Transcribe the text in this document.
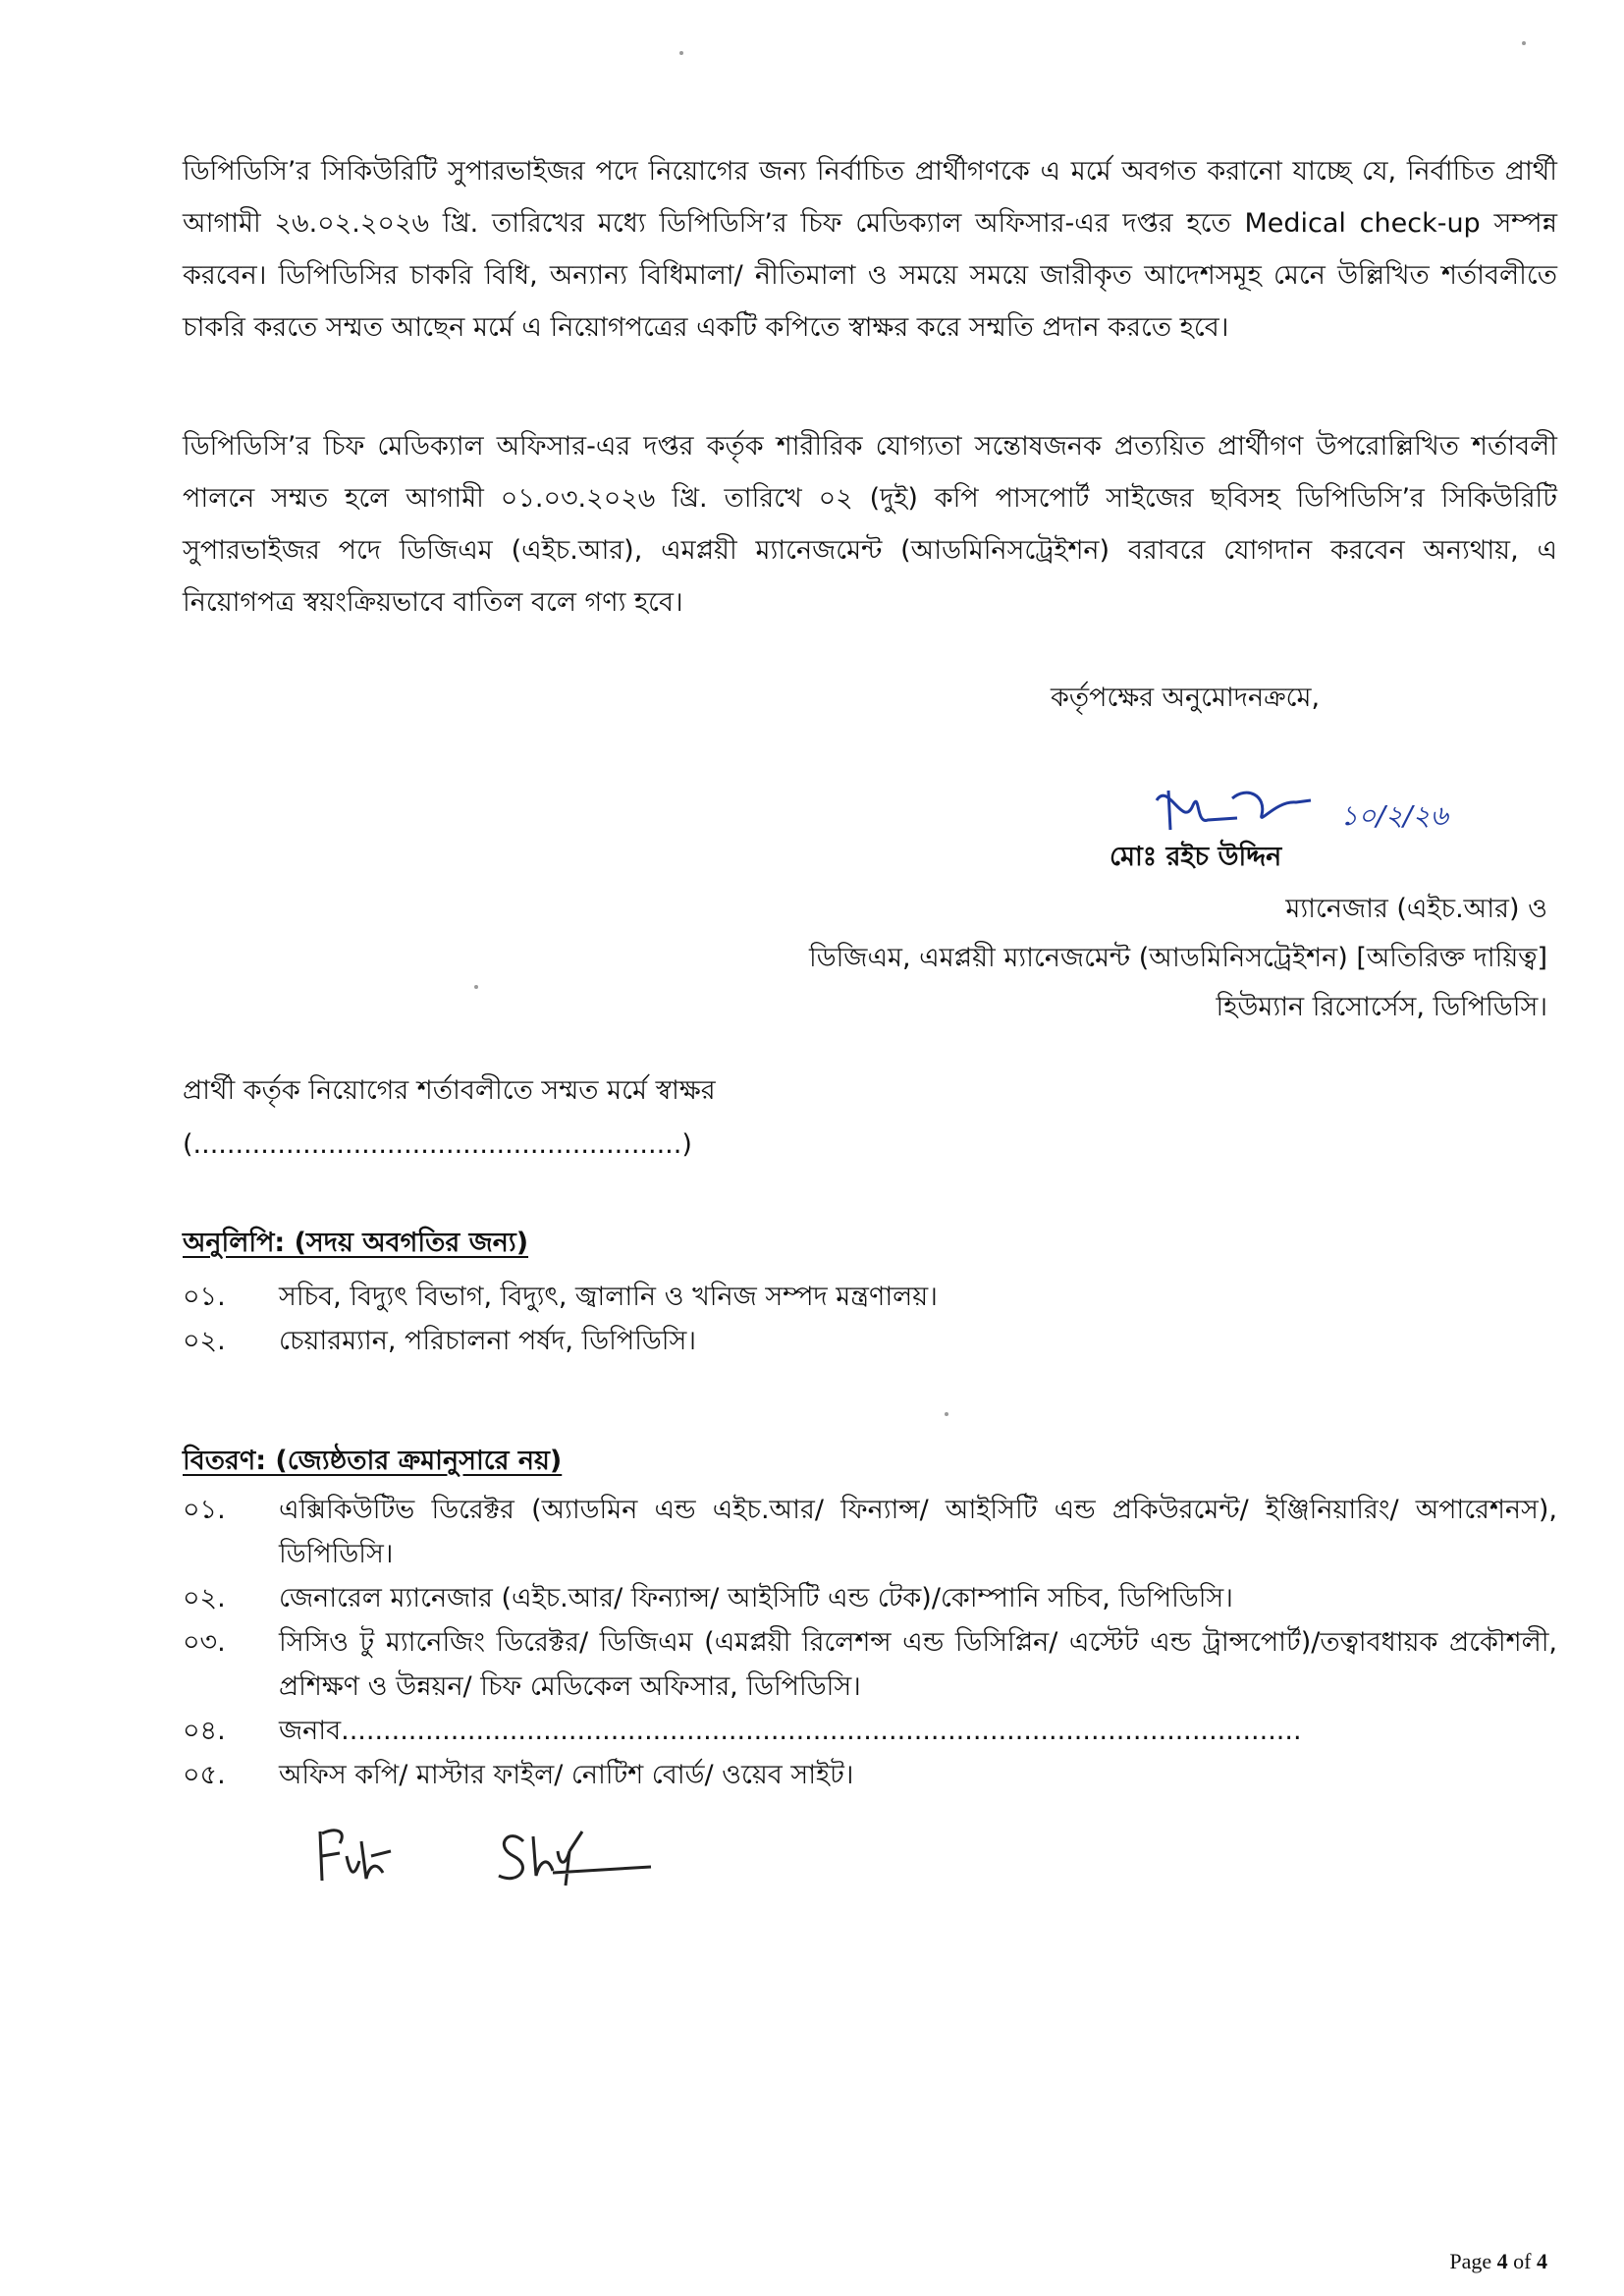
ডিপিডিসি’র সিকিউরিটি সুপারভাইজর পদে নিয়োগের জন্য নির্বাচিত প্রার্থীগণকে এ মর্মে অবগত করানো যাচ্ছে যে, নির্বাচিত প্রার্থী আগামী ২৬.০২.২০২৬ খ্রি. তারিখের মধ্যে ডিপিডিসি’র চিফ মেডিক্যাল অফিসার-এর দপ্তর হতে Medical check-up সম্পন্ন করবেন। ডিপিডিসির চাকরি বিধি, অন্যান্য বিধিমালা/ নীতিমালা ও সময়ে সময়ে জারীকৃত আদেশসমূহ মেনে উল্লিখিত শর্তাবলীতে চাকরি করতে সম্মত আছেন মর্মে এ নিয়োগপত্রের একটি কপিতে স্বাক্ষর করে সম্মতি প্রদান করতে হবে।

ডিপিডিসি’র চিফ মেডিক্যাল অফিসার-এর দপ্তর কর্তৃক শারীরিক যোগ্যতা সন্তোষজনক প্রত্যয়িত প্রার্থীগণ উপরোল্লিখিত শর্তাবলী পালনে সম্মত হলে আগামী ০১.০৩.২০২৬ খ্রি. তারিখে ০২ (দুই) কপি পাসপোর্ট সাইজের ছবিসহ ডিপিডিসি’র সিকিউরিটি সুপারভাইজর পদে ডিজিএম (এইচ.আর), এমপ্লয়ী ম্যানেজমেন্ট (আডমিনিসট্রেইশন) বরাবরে যোগদান করবেন অন্যথায়, এ নিয়োগপত্র স্বয়ংক্রিয়ভাবে বাতিল বলে গণ্য হবে।

কর্তৃপক্ষের অনুমোদনক্রমে,
১০/২/২৬
মোঃ রইচ উদ্দিন
ম্যানেজার (এইচ.আর) ও
ডিজিএম, এমপ্লয়ী ম্যানেজমেন্ট (আডমিনিসট্রেইশন) [অতিরিক্ত দায়িত্ব]
হিউম্যান রিসোর্সেস, ডিপিডিসি।
প্রার্থী কর্তৃক নিয়োগের শর্তাবলীতে সম্মত মর্মে স্বাক্ষর
(..........................................................)
অনুলিপি: (সদয় অবগতির জন্য)
০১.	সচিব, বিদ্যুৎ বিভাগ, বিদ্যুৎ, জ্বালানি ও খনিজ সম্পদ মন্ত্রণালয়।
০২.	চেয়ারম্যান, পরিচালনা পর্ষদ, ডিপিডিসি।
বিতরণ: (জ্যেষ্ঠতার ক্রমানুসারে নয়)
০১.	এক্সিকিউটিভ ডিরেক্টর (অ্যাডমিন এন্ড এইচ.আর/ ফিন্যান্স/ আইসিটি এন্ড প্রকিউরমেন্ট/ ইঞ্জিনিয়ারিং/ অপারেশনস), ডিপিডিসি।
০২.	জেনারেল ম্যানেজার (এইচ.আর/ ফিন্যান্স/ আইসিটি এন্ড টেক)/কোম্পানি সচিব, ডিপিডিসি।
০৩.	সিসিও টু ম্যানেজিং ডিরেক্টর/ ডিজিএম (এমপ্লয়ী রিলেশন্স এন্ড ডিসিপ্লিন/ এস্টেট এন্ড ট্রান্সপোর্ট)/তত্বাবধায়ক প্রকৌশলী, প্রশিক্ষণ ও উন্নয়ন/ চিফ মেডিকেল অফিসার, ডিপিডিসি।
০৪.	জনাব..................................................................................................................
০৫.	অফিস কপি/ মাস্টার ফাইল/ নোটিশ বোর্ড/ ওয়েব সাইট।
Page 4 of 4
